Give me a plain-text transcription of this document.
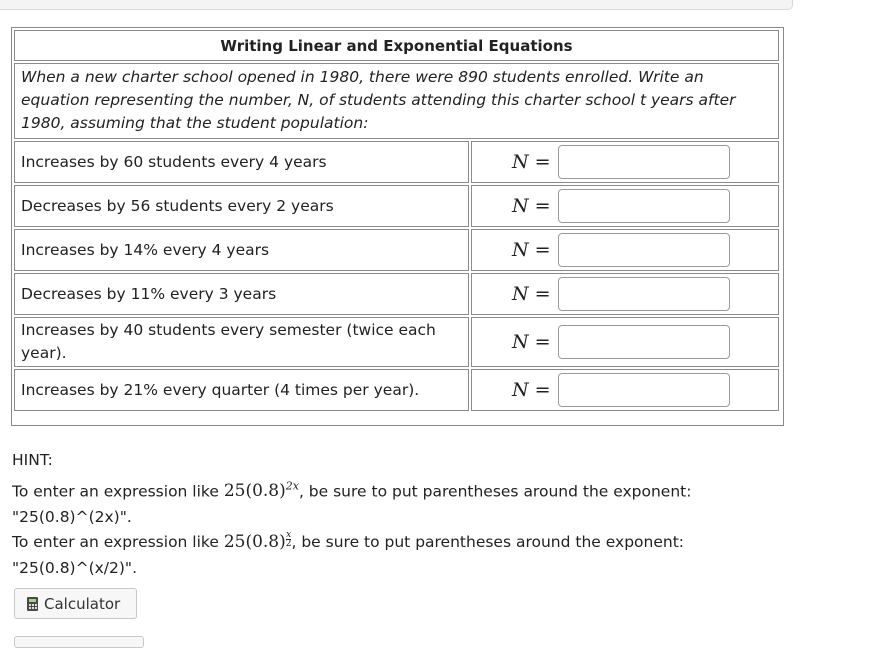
Writing Linear and Exponential Equations	
When a new charter school opened in 1980, there were 890 students enrolled. Write an equation representing the number, N, of students attending this charter school t years after 1980, assuming that the student population:	
Increases by 60 students every 4 years	N =

Decreases by 56 students every 2 years	N =

Increases by 14% every 4 years	N =

Decreases by 11% every 3 years	N =

Increases by 40 students every semester (twice each year).	N =

Increases by 21% every quarter (4 times per year).	N =

HINT:

To enter an expression like $25(0.8)^{2x}$, be sure to put parentheses around the exponent:

"25(0.8)^(2x)".

To enter an expression like $25(0.8) \frac{x}{2}$ , be sure to put parentheses around the exponent:

"25(0.8)^(x/2)".

Calculator
